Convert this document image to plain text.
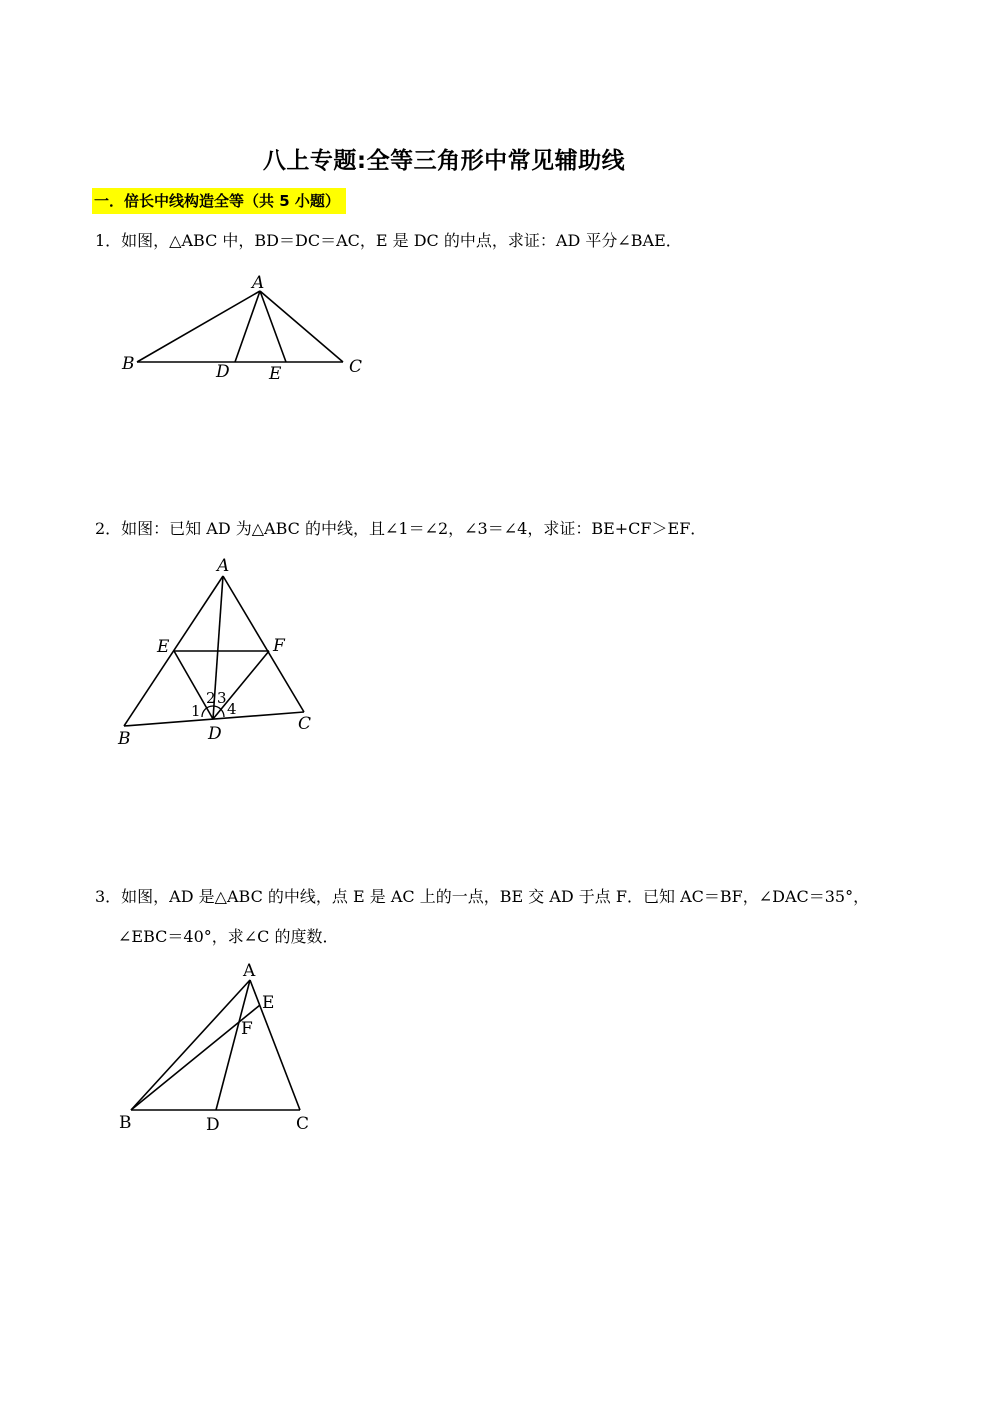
八上专题:全等三角形中常见辅助线
一．倍长中线构造全等（共 5 小题）
1．如图，△ABC 中，BD＝DC＝AC，E 是 DC 的中点，求证：AD 平分∠BAE．
A
B	D E	C
2．如图：已知 AD 为△ABC 的中线，且∠1＝∠2，∠3＝∠4，求证：BE+CF＞EF．
A
E	F
B	D	C
1
2 3
4
3．如图，AD 是△ABC 的中线，点 E 是 AC 上的一点，BE 交 AD 于点 F．已知 AC＝BF，∠DAC＝35°，
∠EBC＝40°，求∠C 的度数．
A
E
F
B	D	C
